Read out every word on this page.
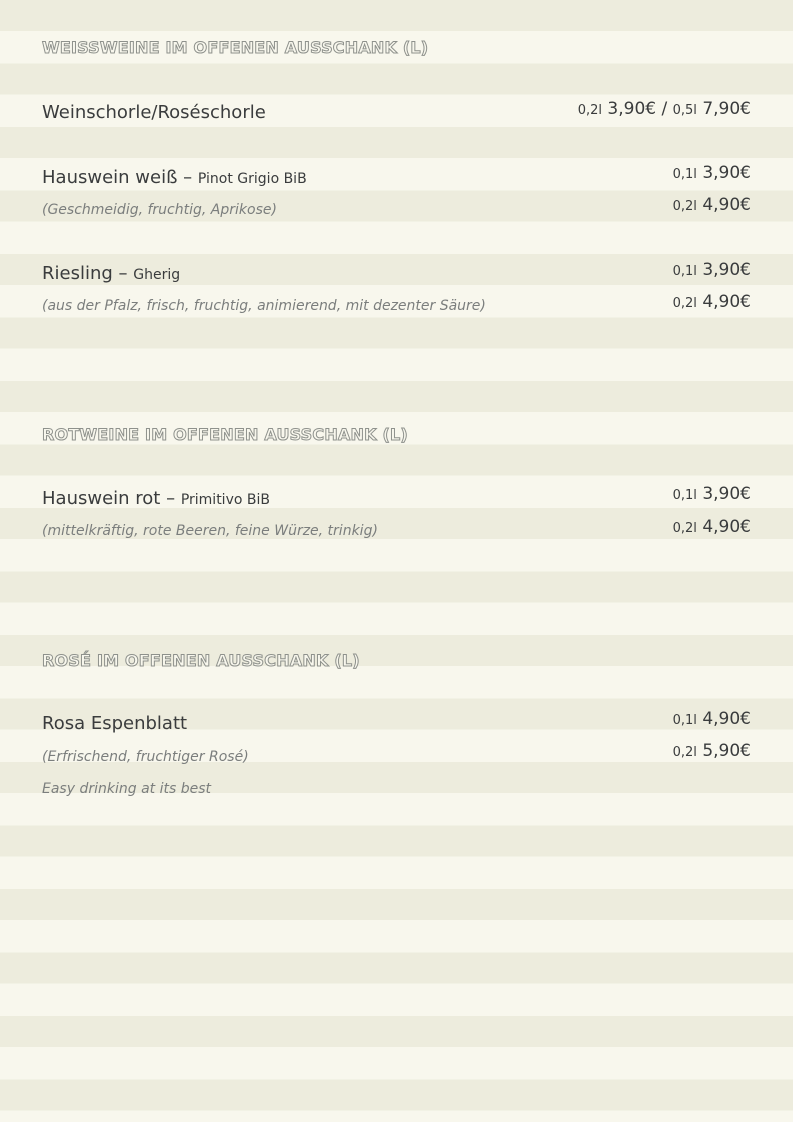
WEISSWEINE IM OFFENEN AUSSCHANK (L)
Weinschorle/Roséschorle	0,2l 3,90€ / 0,5l 7,90€
Hauswein weiß – Pinot Grigio BiB	0,1l 3,90€
(Geschmeidig, fruchtig, Aprikose)	0,2l 4,90€
Riesling – Gherig	0,1l 3,90€
(aus der Pfalz, frisch, fruchtig, animierend, mit dezenter Säure)	0,2l 4,90€
ROTWEINE IM OFFENEN AUSSCHANK (L)
Hauswein rot – Primitivo BiB	0,1l 3,90€
(mittelkräftig, rote Beeren, feine Würze, trinkig)	0,2l 4,90€
ROSÉ IM OFFENEN AUSSCHANK (L)
Rosa Espenblatt	0,1l 4,90€
(Erfrischend, fruchtiger Rosé)	0,2l 5,90€
Easy drinking at its best
